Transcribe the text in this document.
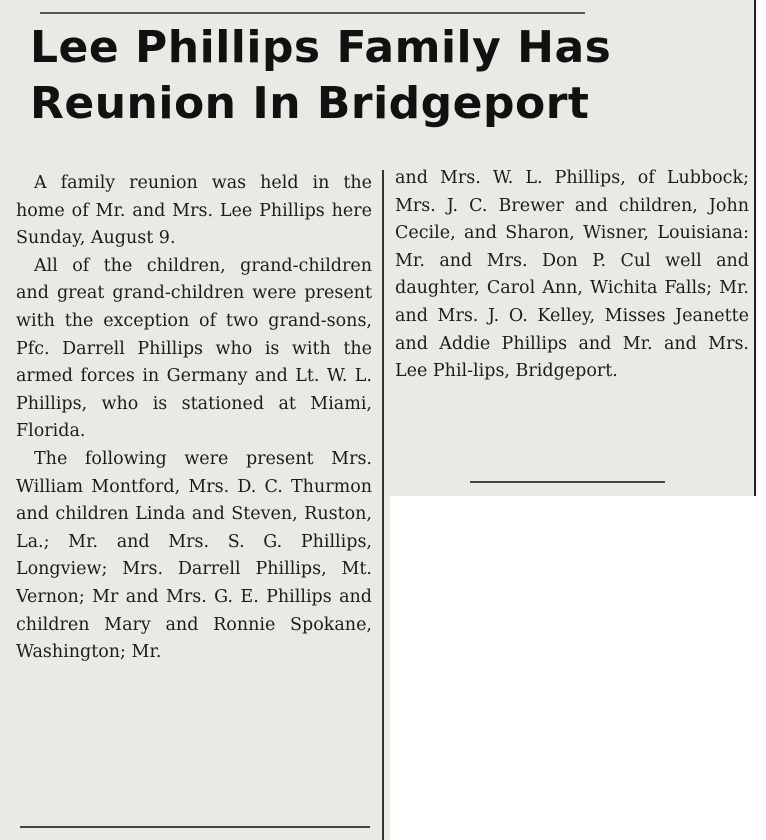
Lee Phillips Family Has
Reunion In Bridgeport

A family reunion was held in the home of Mr. and Mrs. Lee Phillips here Sunday, August 9.

All of the children, grand-children and great grand-children were present with the exception of two grand-sons, Pfc. Darrell Phillips who is with the armed forces in Germany and Lt. W. L. Phillips, who is stationed at Miami, Florida.

The following were present Mrs. William Montford, Mrs. D. C. Thurmon and children Linda and Steven, Ruston, La.; Mr. and Mrs. S. G. Phillips, Longview; Mrs. Darrell Phillips, Mt. Vernon; Mr and Mrs. G. E. Phillips and children Mary and Ronnie Spokane, Washington; Mr.

and Mrs. W. L. Phillips, of Lubbock; Mrs. J. C. Brewer and children, John Cecile, and Sharon, Wisner, Louisiana: Mr. and Mrs. Don P. Cul well and daughter, Carol Ann, Wichita Falls; Mr. and Mrs. J. O. Kelley, Misses Jeanette and Addie Phillips and Mr. and Mrs. Lee Phil-lips, Bridgeport.
